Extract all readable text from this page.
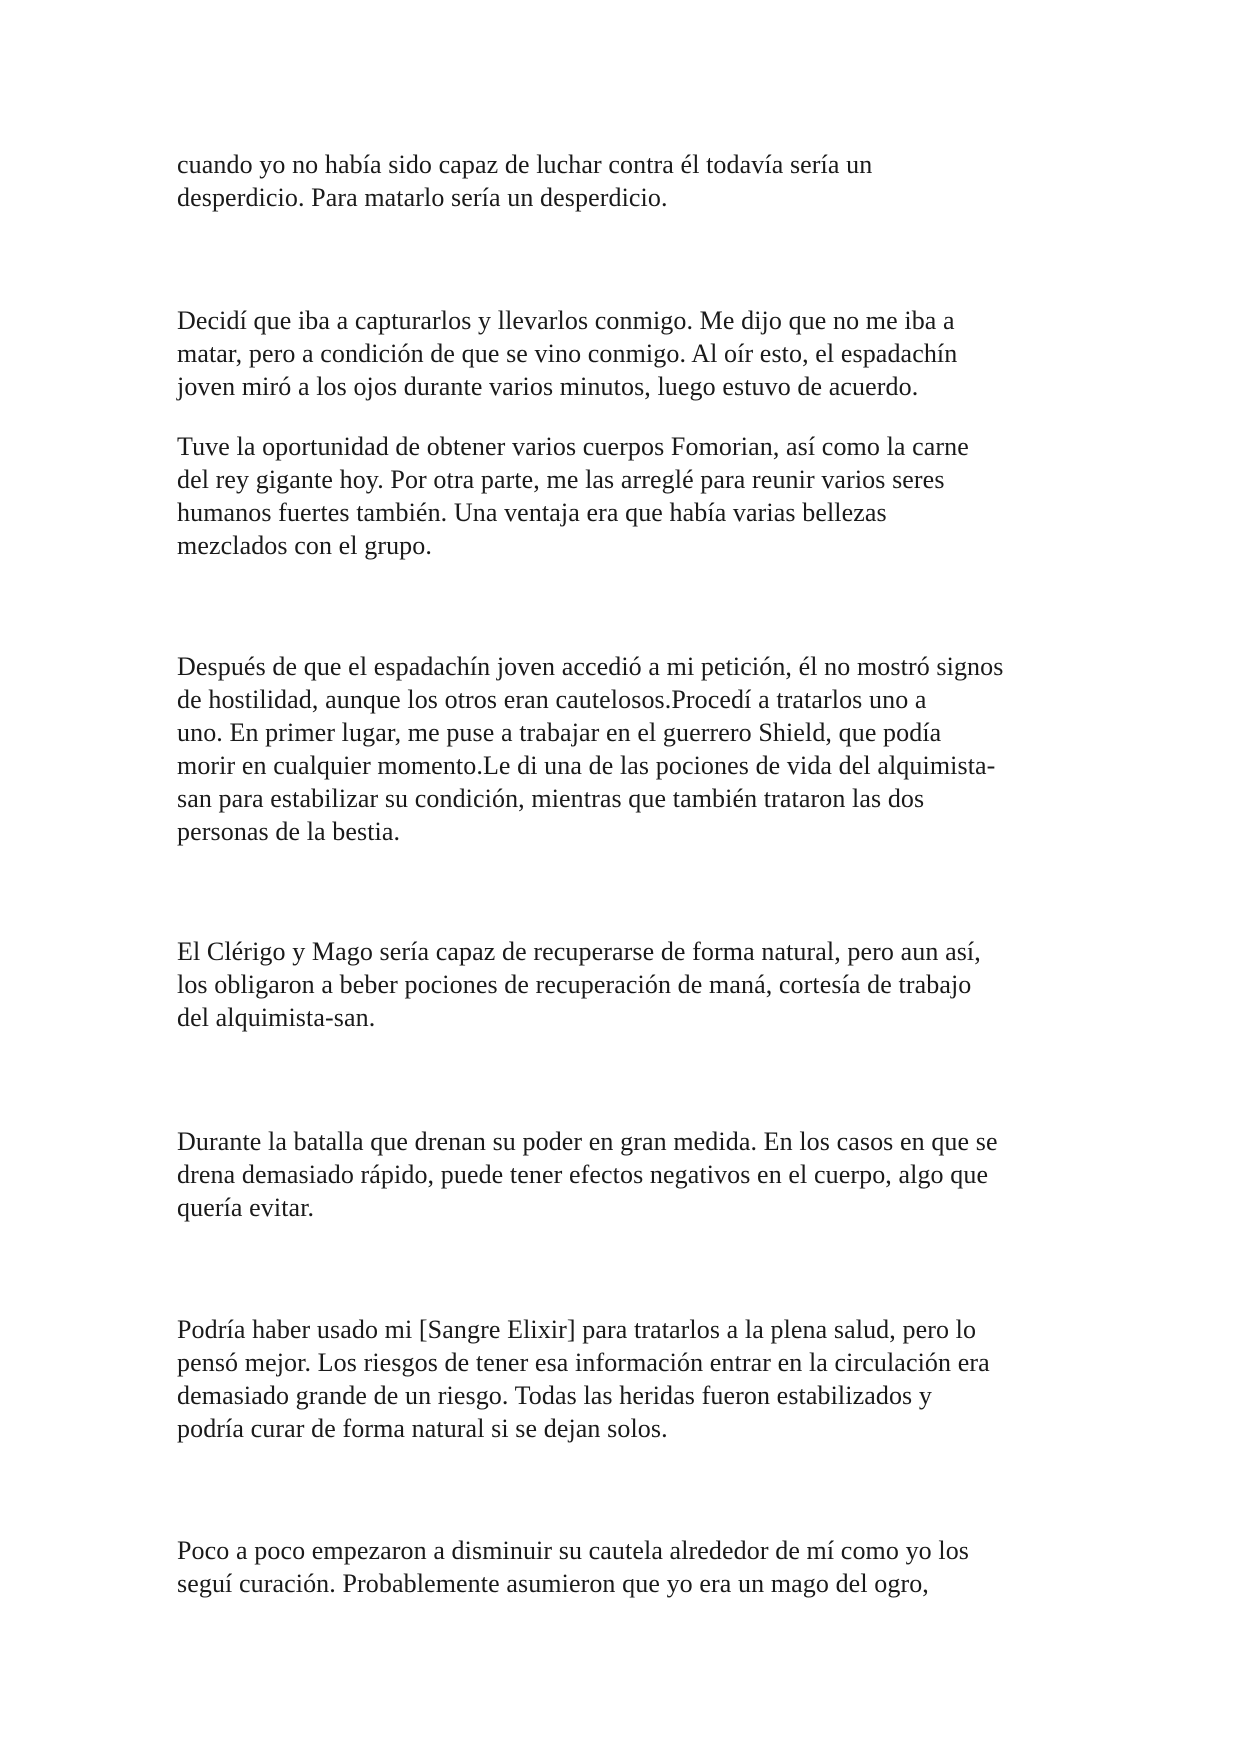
cuando yo no había sido capaz de luchar contra él todavía sería un
desperdicio. Para matarlo sería un desperdicio.
Decidí que iba a capturarlos y llevarlos conmigo. Me dijo que no me iba a
matar, pero a condición de que se vino conmigo. Al oír esto, el espadachín
joven miró a los ojos durante varios minutos, luego estuvo de acuerdo.
Tuve la oportunidad de obtener varios cuerpos Fomorian, así como la carne
del rey gigante hoy. Por otra parte, me las arreglé para reunir varios seres
humanos fuertes también. Una ventaja era que había varias bellezas
mezclados con el grupo.
Después de que el espadachín joven accedió a mi petición, él no mostró signos
de hostilidad, aunque los otros eran cautelosos.Procedí a tratarlos uno a
uno. En primer lugar, me puse a trabajar en el guerrero Shield, que podía
morir en cualquier momento.Le di una de las pociones de vida del alquimista-
san para estabilizar su condición, mientras que también trataron las dos
personas de la bestia.
El Clérigo y Mago sería capaz de recuperarse de forma natural, pero aun así,
los obligaron a beber pociones de recuperación de maná, cortesía de trabajo
del alquimista-san.
Durante la batalla que drenan su poder en gran medida. En los casos en que se
drena demasiado rápido, puede tener efectos negativos en el cuerpo, algo que
quería evitar.
Podría haber usado mi [Sangre Elixir] para tratarlos a la plena salud, pero lo
pensó mejor. Los riesgos de tener esa información entrar en la circulación era
demasiado grande de un riesgo. Todas las heridas fueron estabilizados y
podría curar de forma natural si se dejan solos.
Poco a poco empezaron a disminuir su cautela alrededor de mí como yo los
seguí curación. Probablemente asumieron que yo era un mago del ogro,
